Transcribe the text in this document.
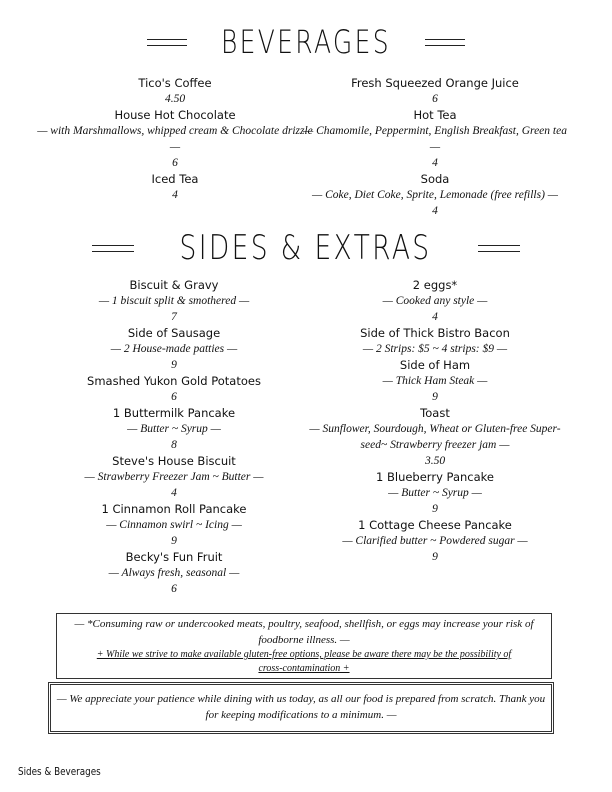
BEVERAGES
Tico's Coffee
4.50
House Hot Chocolate
— with Marshmallows, whipped cream & Chocolate drizzle —
6
Iced Tea
4
Fresh Squeezed Orange Juice
6
Hot Tea
— Chamomile, Peppermint, English Breakfast, Green tea —
4
Soda
— Coke, Diet Coke, Sprite, Lemonade (free refills) —
4
SIDES & EXTRAS
Biscuit & Gravy
— 1 biscuit split & smothered —
7
Side of Sausage
— 2 House-made patties —
9
Smashed Yukon Gold Potatoes
6
1 Buttermilk Pancake
— Butter ~ Syrup —
8
Steve's House Biscuit
— Strawberry Freezer Jam ~ Butter —
4
1 Cinnamon Roll Pancake
— Cinnamon swirl ~ Icing —
9
Becky's Fun Fruit
— Always fresh, seasonal —
6
2 eggs*
— Cooked any style —
4
Side of Thick Bistro Bacon
— 2 Strips: $5 ~ 4 strips: $9 —
Side of Ham
— Thick Ham Steak —
9
Toast
— Sunflower, Sourdough, Wheat or Gluten-free Super-seed~ Strawberry freezer jam —
3.50
1 Blueberry Pancake
— Butter ~ Syrup —
9
1 Cottage Cheese Pancake
— Clarified butter ~ Powdered sugar —
9
— *Consuming raw or undercooked meats, poultry, seafood, shellfish, or eggs may increase your risk of foodborne illness. —
+ While we strive to make available gluten-free options, please be aware there may be the possibility of cross-contamination +
— We appreciate your patience while dining with us today, as all our food is prepared from scratch. Thank you for keeping modifications to a minimum. —
Sides & Beverages
